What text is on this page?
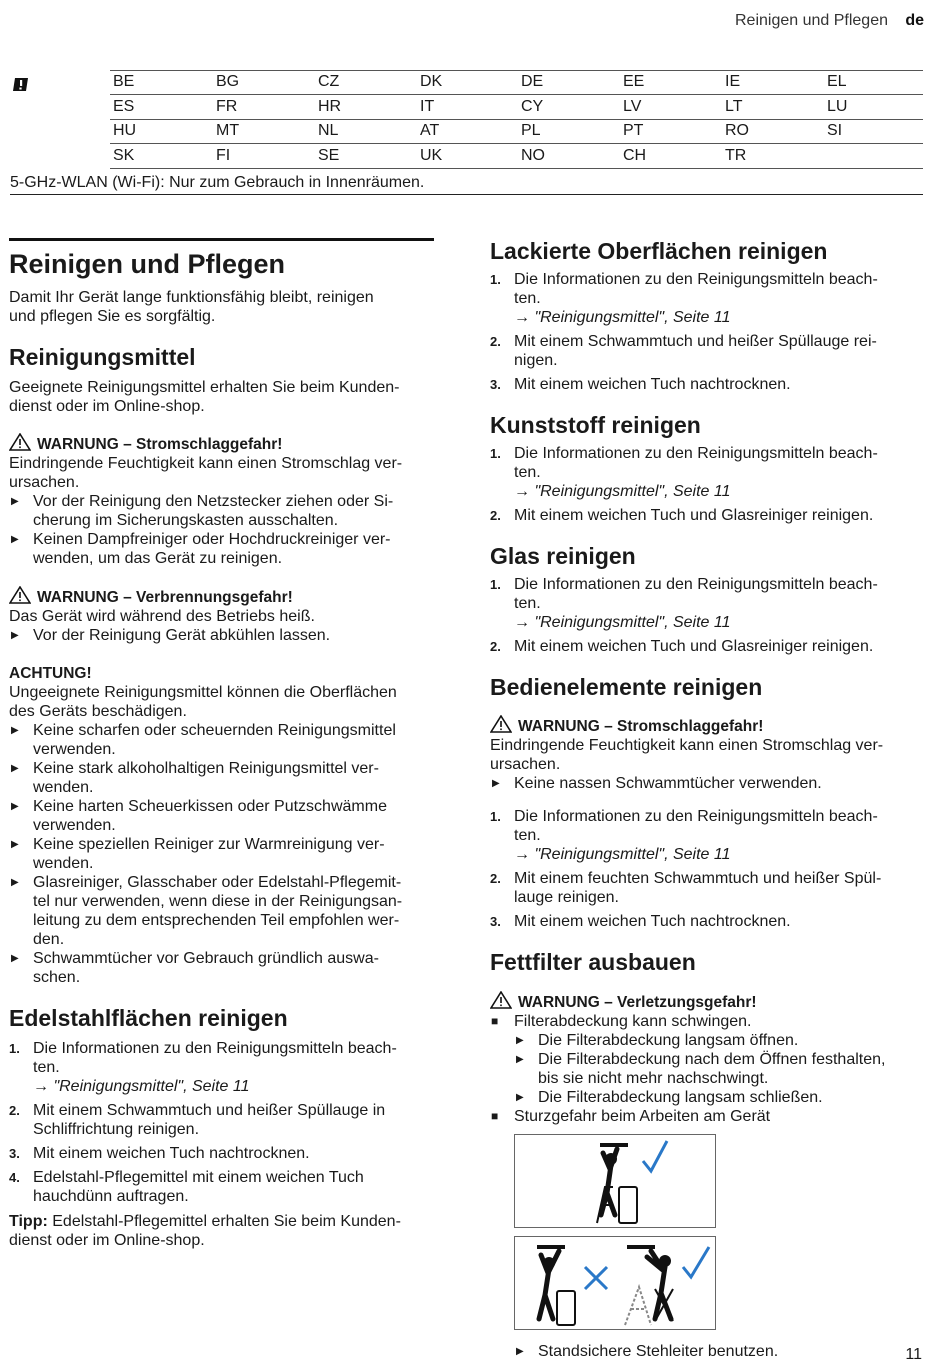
Reinigen und Pflegen de
BE	BG	CZ	DK	DE	EE	IE	EL
ES	FR	HR	IT	CY	LV	LT	LU
HU	MT	NL	AT	PL	PT	RO	SI
SK	FI	SE	UK	NO	CH	TR
5-GHz-WLAN (Wi-Fi): Nur zum Gebrauch in Innenräumen.
Reinigen und Pflegen

Damit Ihr Gerät lange funktionsfähig bleibt, reinigen

und pflegen Sie es sorgfältig.

Reinigungsmittel

Geeignete Reinigungsmittel erhalten Sie beim Kunden-

dienst oder im Online-shop.

WARNUNG – Stromschlaggefahr!

Eindringende Feuchtigkeit kann einen Stromschlag ver-

ursachen.

▶ Vor der Reinigung den Netzstecker ziehen oder Si-
cherung im Sicherungskasten ausschalten.
▶ Keinen Dampfreiniger oder Hochdruckreiniger ver-
wenden, um das Gerät zu reinigen.

WARNUNG – Verbrennungsgefahr!

Das Gerät wird während des Betriebs heiß.

▶ Vor der Reinigung Gerät abkühlen lassen.

ACHTUNG!

Ungeeignete Reinigungsmittel können die Oberflächen

des Geräts beschädigen.

▶ Keine scharfen oder scheuernden Reinigungsmittel
verwenden.
▶ Keine stark alkoholhaltigen Reinigungsmittel ver-
wenden.
▶ Keine harten Scheuerkissen oder Putzschwämme
verwenden.
▶ Keine speziellen Reiniger zur Warmreinigung ver-
wenden.
▶ Glasreiniger, Glasschaber oder Edelstahl-Pflegemit-
tel nur verwenden, wenn diese in der Reinigungsan-
leitung zu dem entsprechenden Teil empfohlen wer-
den.
▶ Schwammtücher vor Gebrauch gründlich auswa-
schen.
Edelstahlflächen reinigen
1. Die Informationen zu den Reinigungsmitteln beach-
ten.
→ "Reinigungsmittel", Seite 11
2. Mit einem Schwammtuch und heißer Spüllauge in
Schliffrichtung reinigen.
3. Mit einem weichen Tuch nachtrocknen.
4. Edelstahl-Pflegemittel mit einem weichen Tuch
hauchdünn auftragen.

Tipp: Edelstahl-Pflegemittel erhalten Sie beim Kunden-
dienst oder im Online-shop.

Lackierte Oberflächen reinigen
1. Die Informationen zu den Reinigungsmitteln beach-
ten.
→ "Reinigungsmittel", Seite 11
2. Mit einem Schwammtuch und heißer Spüllauge rei-
nigen.
3. Mit einem weichen Tuch nachtrocknen.
Kunststoff reinigen
1. Die Informationen zu den Reinigungsmitteln beach-
ten.
→ "Reinigungsmittel", Seite 11
2. Mit einem weichen Tuch und Glasreiniger reinigen.
Glas reinigen
1. Die Informationen zu den Reinigungsmitteln beach-
ten.
→ "Reinigungsmittel", Seite 11
2. Mit einem weichen Tuch und Glasreiniger reinigen.
Bedienelemente reinigen

WARNUNG – Stromschlaggefahr!

Eindringende Feuchtigkeit kann einen Stromschlag ver-

ursachen.

▶ Keine nassen Schwammtücher verwenden.
1. Die Informationen zu den Reinigungsmitteln beach-
ten.
→ "Reinigungsmittel", Seite 11
2. Mit einem feuchten Schwammtuch und heißer Spül-
lauge reinigen.
3. Mit einem weichen Tuch nachtrocknen.
Fettfilter ausbauen

WARNUNG – Verletzungsgefahr!

■ Filterabdeckung kann schwingen.
▶ Die Filterabdeckung langsam öffnen.
▶ Die Filterabdeckung nach dem Öffnen festhalten,
bis sie nicht mehr nachschwingt.
▶ Die Filterabdeckung langsam schließen.
■ Sturzgefahr beim Arbeiten am Gerät
▶ Standsichere Stehleiter benutzen.	11
